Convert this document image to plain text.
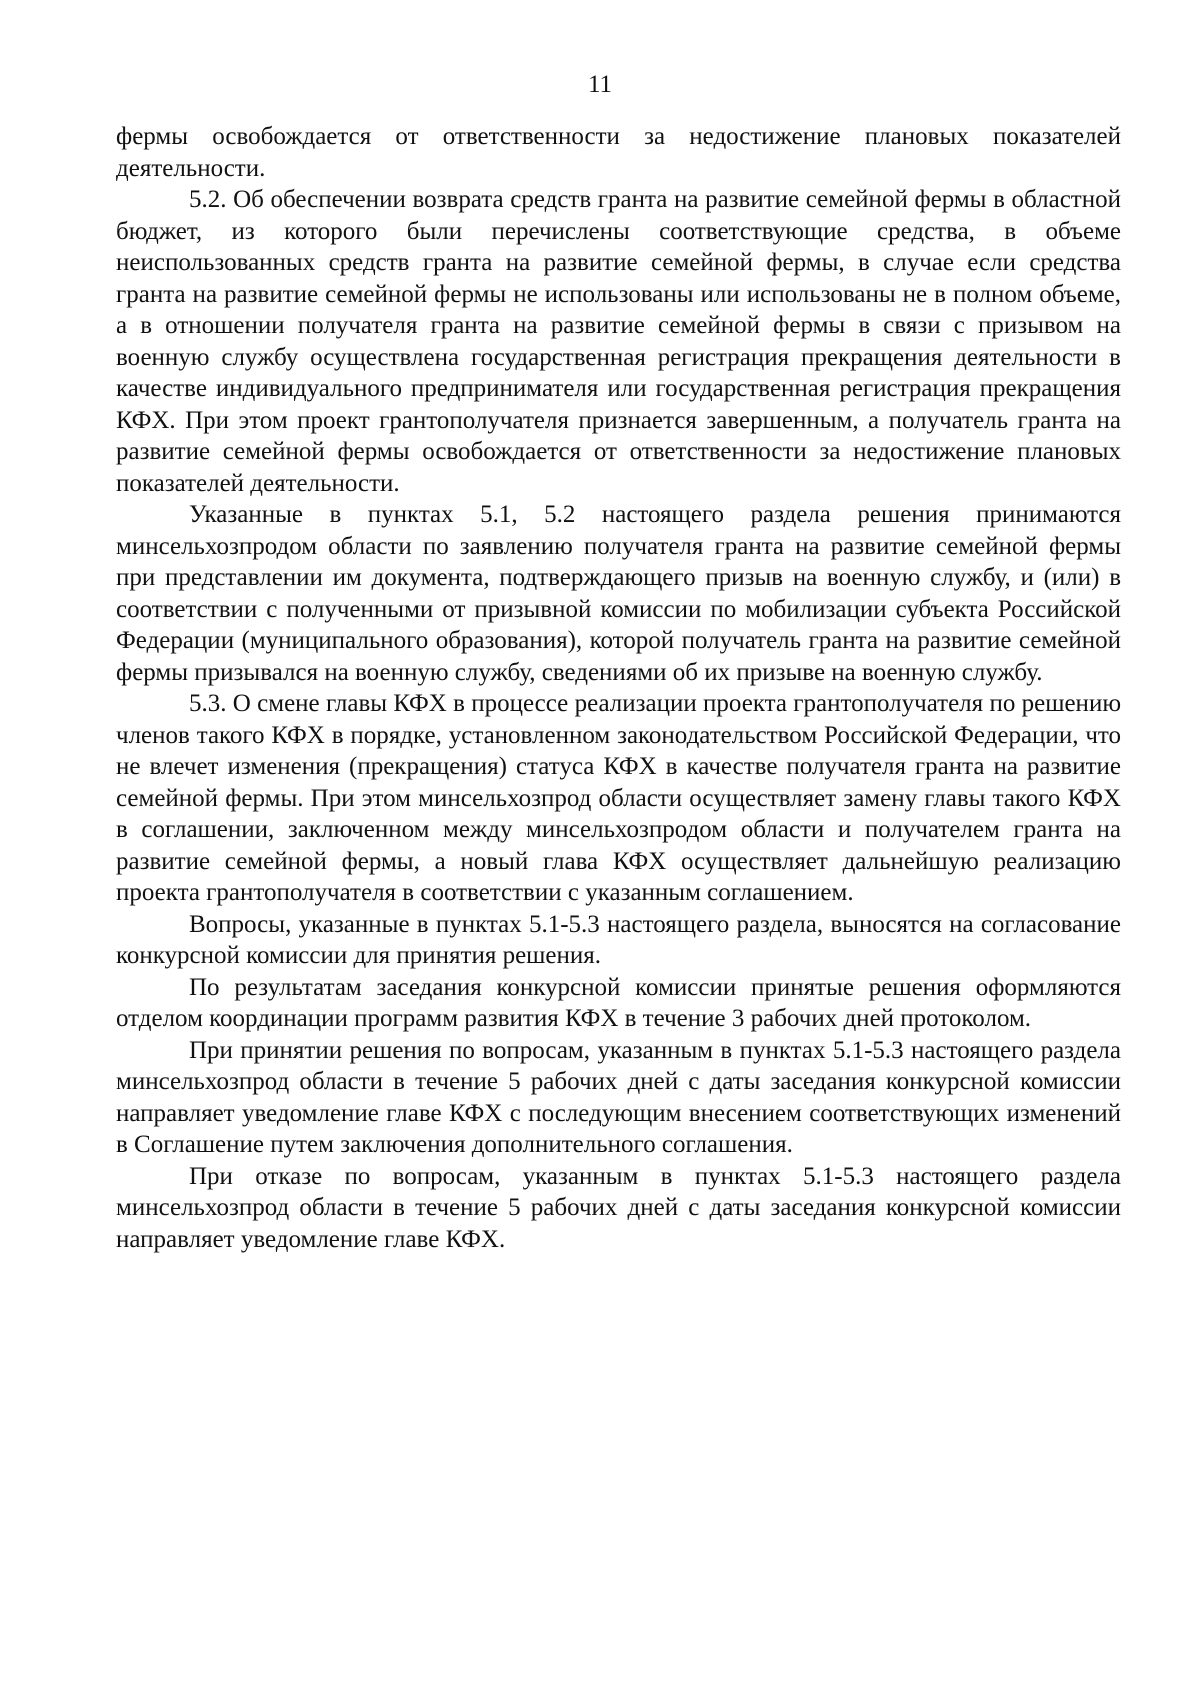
11

фермы освобождается от ответственности за недостижение плановых показателей деятельности.

5.2. Об обеспечении возврата средств гранта на развитие семейной фермы в областной бюджет, из которого были перечислены соответствующие средства, в объеме неиспользованных средств гранта на развитие семейной фермы, в случае если средства гранта на развитие семейной фермы не использованы или использованы не в полном объеме, а в отношении получателя гранта на развитие семейной фермы в связи с призывом на военную службу осуществлена государственная регистрация прекращения деятельности в качестве индивидуального предпринимателя или государственная регистрация прекращения КФХ. При этом проект грантополучателя признается завершенным, а получатель гранта на развитие семейной фермы освобождается от ответственности за недостижение плановых показателей деятельности.

Указанные в пунктах 5.1, 5.2 настоящего раздела решения принимаются минсельхозпродом области по заявлению получателя гранта на развитие семейной фермы при представлении им документа, подтверждающего призыв на военную службу, и (или) в соответствии с полученными от призывной комиссии по мобилизации субъекта Российской Федерации (муниципального образования), которой получатель гранта на развитие семейной фермы призывался на военную службу, сведениями об их призыве на военную службу.

5.3. О смене главы КФХ в процессе реализации проекта грантополучателя по решению членов такого КФХ в порядке, установленном законодательством Российской Федерации, что не влечет изменения (прекращения) статуса КФХ в качестве получателя гранта на развитие семейной фермы. При этом минсельхозпрод области осуществляет замену главы такого КФХ в соглашении, заключенном между минсельхозпродом области и получателем гранта на развитие семейной фермы, а новый глава КФХ осуществляет дальнейшую реализацию проекта грантополучателя в соответствии с указанным соглашением.

Вопросы, указанные в пунктах 5.1-5.3 настоящего раздела, выносятся на согласование конкурсной комиссии для принятия решения.

По результатам заседания конкурсной комиссии принятые решения оформляются отделом координации программ развития КФХ в течение 3 рабочих дней протоколом.

При принятии решения по вопросам, указанным в пунктах 5.1-5.3 настоящего раздела минсельхозпрод области в течение 5 рабочих дней с даты заседания конкурсной комиссии направляет уведомление главе КФХ с последующим внесением соответствующих изменений в Соглашение путем заключения дополнительного соглашения.

При отказе по вопросам, указанным в пунктах 5.1-5.3 настоящего раздела минсельхозпрод области в течение 5 рабочих дней с даты заседания конкурсной комиссии направляет уведомление главе КФХ.
